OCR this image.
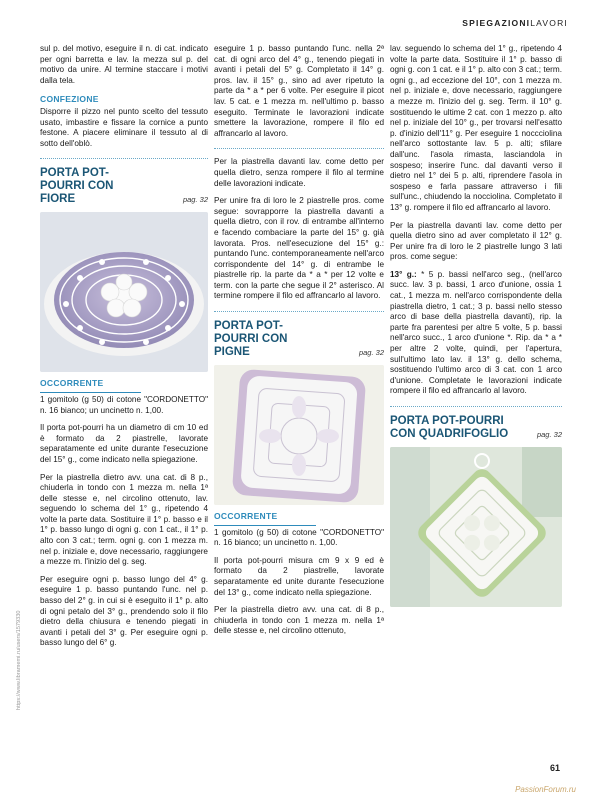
SPIEGAZIONILAVORI
https://www.libramemi.ru/users/1579330

sul p. del motivo, eseguire il n. di cat. indicato per ogni barretta e lav. la mezza sul p. del motivo da unire. Al termine staccare i motivi dalla tela.

CONFEZIONE

Disporre il pizzo nel punto scelto del tessuto usato, imbastire e fissare la cornice a punto festone. A piacere eliminare il tessuto al di sotto dell'oblò.

PORTA POT-POURRI CON FIORE	pag. 32
OCCORRENTE

1 gomitolo (g 50) di cotone "CORDONETTO" n. 16 bianco; un uncinetto n. 1,00.

Il porta pot-pourri ha un diametro di cm 10 ed è formato da 2 piastrelle, lavorate separatamente ed unite durante l'esecuzione del 15° g., come indicato nella spiegazione.

Per la piastrella dietro avv. una cat. di 8 p., chiuderla in tondo con 1 mezza m. nella 1ª delle stesse e, nel circolino ottenuto, lav. seguendo lo schema del 1° g., ripetendo 4 volte la parte data. Sostituire il 1° p. basso e il 1° p. basso lungo di ogni g. con 1 cat., il 1° p. alto con 3 cat.; term. ogni g. con 1 mezza m. nel p. iniziale e, dove necessario, raggiungere a mezze m. l'inizio del g. seg.

Per eseguire ogni p. basso lungo del 4° g. eseguire 1 p. basso puntando l'unc. nel p. basso del 2° g. in cui si è eseguito il 1° p. alto di ogni petalo del 3° g., prendendo solo il filo dietro della chiusura e tenendo piegati in avanti i petali del 3° g. Per eseguire ogni p. basso lungo del 6° g.

eseguire 1 p. basso puntando l'unc. nella 2ª cat. di ogni arco del 4° g., tenendo piegati in avanti i petali del 5° g. Completato il 14° g. pros. lav. il 15° g., sino ad aver ripetuto la parte da * a * per 6 volte. Per eseguire il picot lav. 5 cat. e 1 mezza m. nell'ultimo p. basso eseguito. Terminate le lavorazioni indicate smettere la lavorazione, rompere il filo ed affrancarlo al lavoro.

Per la piastrella davanti lav. come detto per quella dietro, senza rompere il filo al termine delle lavorazioni indicate.

Per unire fra di loro le 2 piastrelle pros. come segue: sovrapporre la piastrella davanti a quella dietro, con il rov. di entrambe all'interno e facendo combaciare la parte del 15° g. già lavorata. Pros. nell'esecuzione del 15° g.: puntando l'unc. contemporaneamente nell'arco corrispondente del 14° g. di entrambe le piastrelle rip. la parte da * a * per 12 volte e term. con la parte che segue il 2° asterisco. Al termine rompere il filo ed affrancarlo al lavoro.

PORTA POT-POURRI CON PIGNE	pag. 32
OCCORRENTE

1 gomitolo (g 50) di cotone "CORDONETTO" n. 16 bianco; un uncinetto n. 1,00.

Il porta pot-pourri misura cm 9 x 9 ed è formato da 2 piastrelle, lavorate separatamente ed unite durante l'esecuzione del 13° g., come indicato nella spiegazione.

Per la piastrella dietro avv. una cat. di 8 p., chiuderla in tondo con 1 mezza m. nella 1ª delle stesse e, nel circolino ottenuto,

lav. seguendo lo schema del 1° g., ripetendo 4 volte la parte data. Sostituire il 1° p. basso di ogni g. con 1 cat. e il 1° p. alto con 3 cat.; term. ogni g., ad eccezione del 10°, con 1 mezza m. nel p. iniziale e, dove necessario, raggiungere a mezze m. l'inizio del g. seg. Term. il 10° g. sostituendo le ultime 2 cat. con 1 mezzo p. alto nel p. iniziale del 10° g., per trovarsi nell'esatto p. d'inizio dell'11° g. Per eseguire 1 noccciolina nell'arco sottostante lav. 5 p. alti; sfilare dall'unc. l'asola rimasta, lasciandola in sospeso; inserire l'unc. dal davanti verso il dietro nel 1° dei 5 p. alti, riprendere l'asola in sospeso e farla passare attraverso i fili sull'unc., chiudendo la nocciolina. Completato il 13° g. rompere il filo ed affrancarlo al lavoro.

Per la piastrella davanti lav. come detto per quella dietro sino ad aver completato il 12° g. Per unire fra di loro le 2 piastrelle lungo 3 lati pros. come segue:

13° g.: * 5 p. bassi nell'arco seg., (nell'arco succ. lav. 3 p. bassi, 1 arco d'unione, ossia 1 cat., 1 mezza m. nell'arco corrispondente della piastrella dietro, 1 cat.; 3 p. bassi nello stesso arco di base della piastrella davanti), rip. la parte fra parentesi per altre 5 volte, 5 p. bassi nell'arco succ., 1 arco d'unione *. Rip. da * a * per altre 2 volte, quindi, per l'apertura, sull'ultimo lato lav. il 13° g. dello schema, sostituendo l'ultimo arco di 3 cat. con 1 arco d'unione. Completate le lavorazioni indicate rompere il filo ed affrancarlo al lavoro.

PORTA POT-POURRI CON QUADRIFOGLIO	pag. 32
61
PassionForum.ru
